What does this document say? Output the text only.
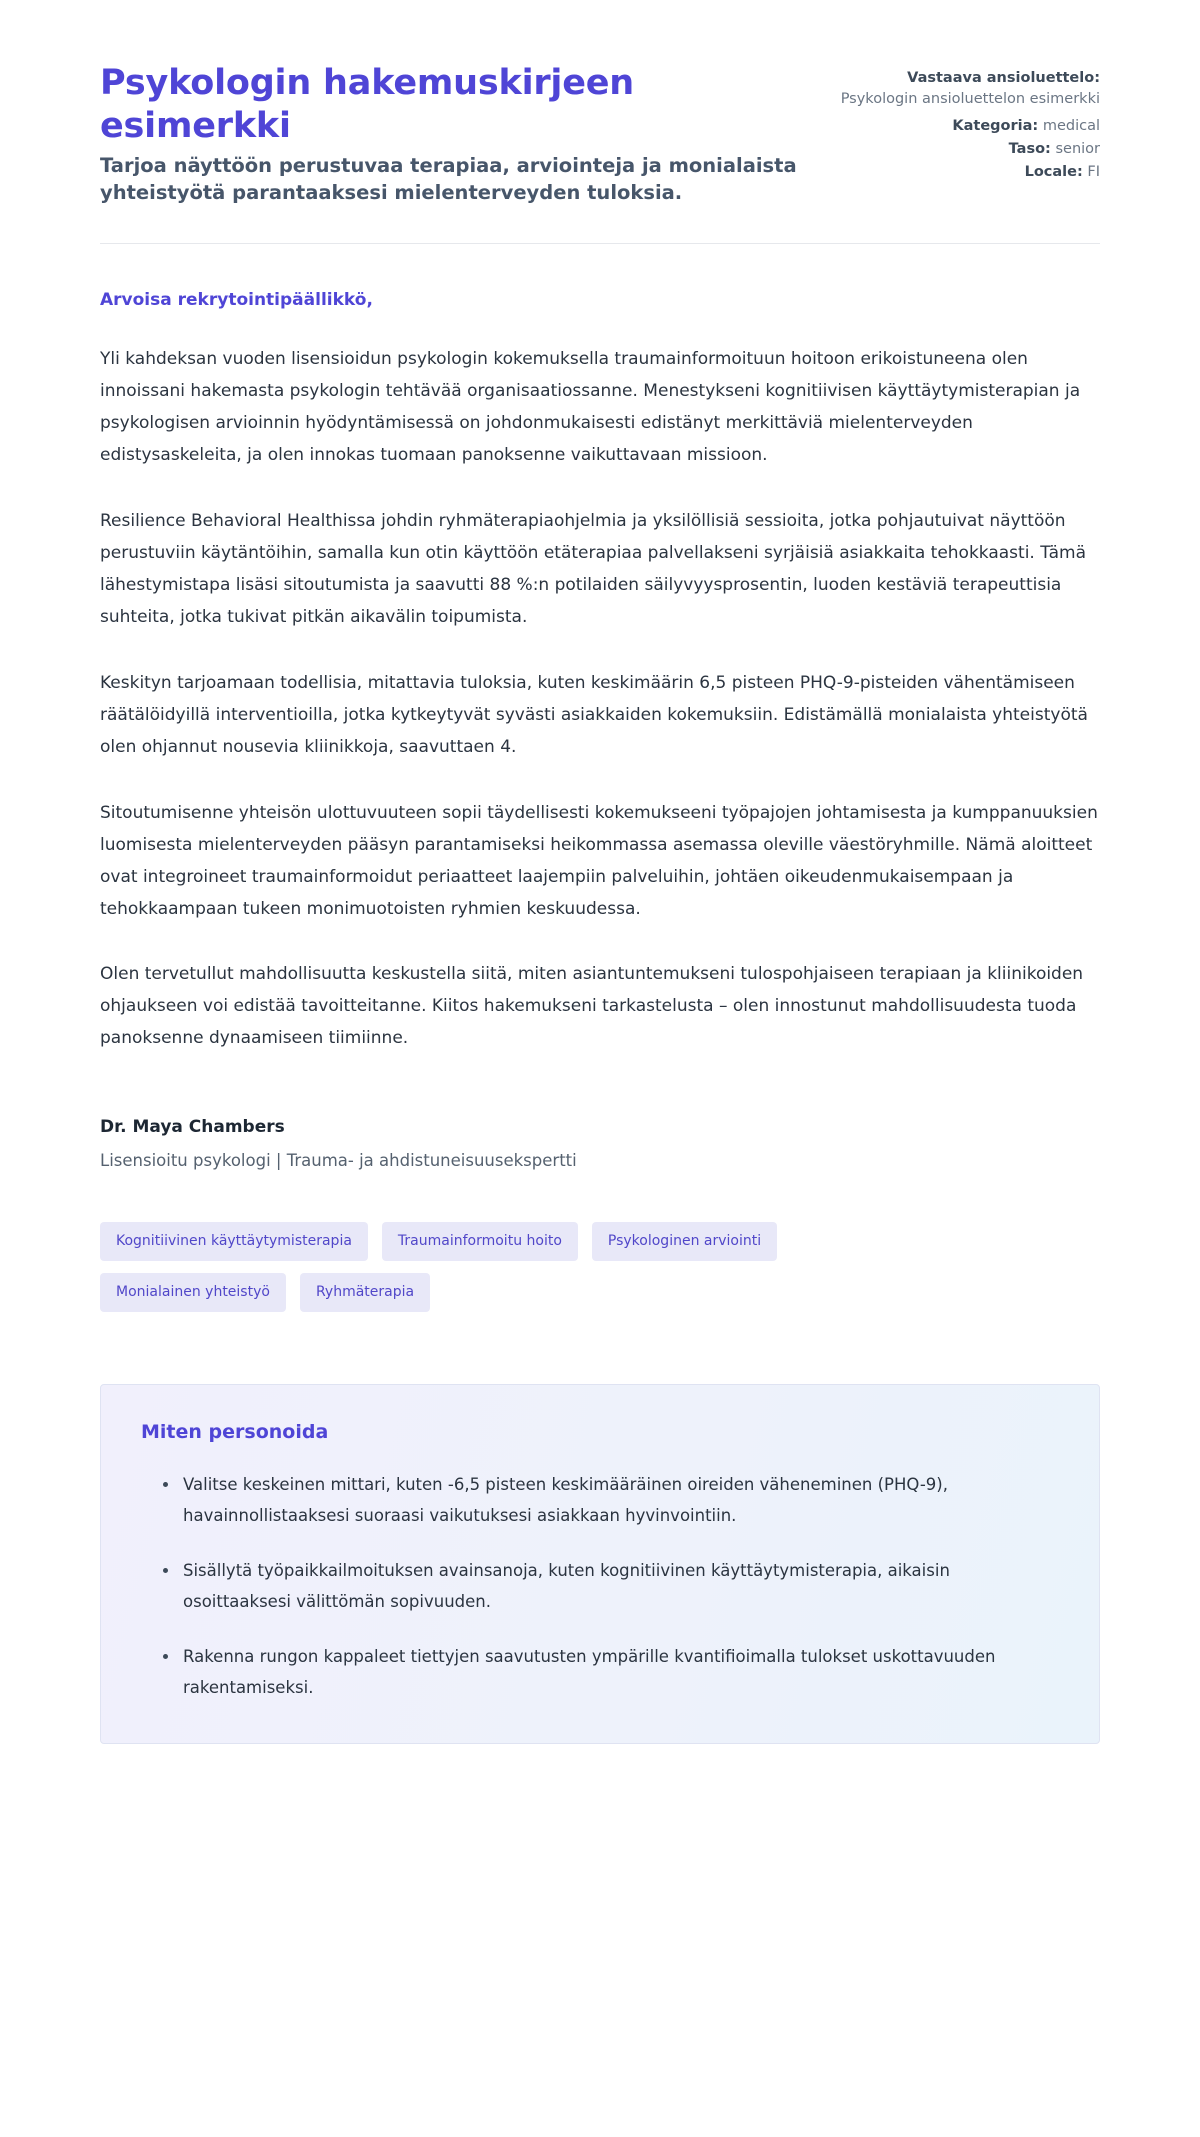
Psykologin hakemuskirjeen esimerkki

Tarjoa näyttöön perustuvaa terapiaa, arviointeja ja monialaista yhteistyötä parantaaksesi mielenterveyden tuloksia.

Vastaava ansioluettelo:
Psykologin ansioluettelon esimerkki
Kategoria: medical
Taso: senior
Locale: FI

Arvoisa rekrytointipäällikkö,

Yli kahdeksan vuoden lisensioidun psykologin kokemuksella traumainformoituun hoitoon erikoistuneena olen innoissani hakemasta psykologin tehtävää organisaatiossanne. Menestykseni kognitiivisen käyttäytymisterapian ja psykologisen arvioinnin hyödyntämisessä on johdonmukaisesti edistänyt merkittäviä mielenterveyden edistysaskeleita, ja olen innokas tuomaan panoksenne vaikuttavaan missioon.

Resilience Behavioral Healthissa johdin ryhmäterapiaohjelmia ja yksilöllisiä sessioita, jotka pohjautuivat näyttöön perustuviin käytäntöihin, samalla kun otin käyttöön etäterapiaa palvellakseni syrjäisiä asiakkaita tehokkaasti. Tämä lähestymistapa lisäsi sitoutumista ja saavutti 88 %:n potilaiden säilyvyysprosentin, luoden kestäviä terapeuttisia suhteita, jotka tukivat pitkän aikavälin toipumista.

Keskityn tarjoamaan todellisia, mitattavia tuloksia, kuten keskimäärin 6,5 pisteen PHQ-9-pisteiden vähentämiseen räätälöidyillä interventioilla, jotka kytkeytyvät syvästi asiakkaiden kokemuksiin. Edistämällä monialaista yhteistyötä olen ohjannut nousevia kliinikkoja, saavuttaen 4.

Sitoutumisenne yhteisön ulottuvuuteen sopii täydellisesti kokemukseeni työpajojen johtamisesta ja kumppanuuksien luomisesta mielenterveyden pääsyn parantamiseksi heikommassa asemassa oleville väestöryhmille. Nämä aloitteet ovat integroineet traumainformoidut periaatteet laajempiin palveluihin, johtäen oikeudenmukaisempaan ja tehokkaampaan tukeen monimuotoisten ryhmien keskuudessa.

Olen tervetullut mahdollisuutta keskustella siitä, miten asiantuntemukseni tulospohjaiseen terapiaan ja kliinikoiden ohjaukseen voi edistää tavoitteitanne. Kiitos hakemukseni tarkastelusta – olen innostunut mahdollisuudesta tuoda panoksenne dynaamiseen tiimiinne.

Dr. Maya Chambers

Lisensioitu psykologi | Trauma- ja ahdistuneisuusekspertti

Kognitiivinen käyttäytymisterapia	Traumainformoitu hoito	Psykologinen arviointi
Monialainen yhteistyö	Ryhmäterapia
Miten personoida
Valitse keskeinen mittari, kuten -6,5 pisteen keskimääräinen oireiden väheneminen (PHQ-9), havainnollistaaksesi suoraasi vaikutuksesi asiakkaan hyvinvointiin.
Sisällytä työpaikkailmoituksen avainsanoja, kuten kognitiivinen käyttäytymisterapia, aikaisin osoittaaksesi välittömän sopivuuden.
Rakenna rungon kappaleet tiettyjen saavutusten ympärille kvantifioimalla tulokset uskottavuuden rakentamiseksi.
